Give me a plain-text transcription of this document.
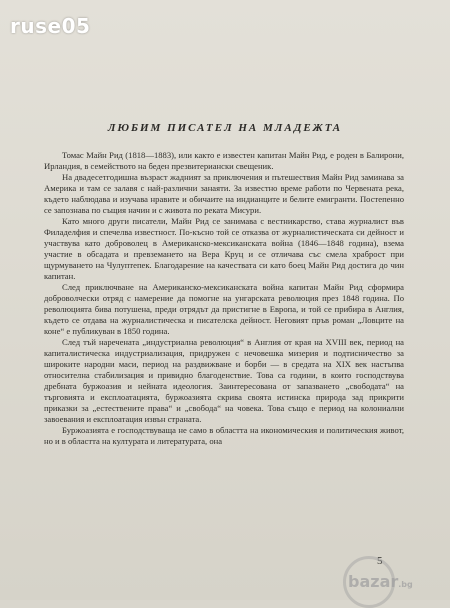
ruse05
ЛЮБИМ ПИСАТЕЛ НА МЛАДЕЖТА

Томас Майн Рид (1818—1883), или както е известен капитан Майн Рид, е роден в Балирони, Ирландия, в семейството на беден презвитериански свещеник.

На двадесетгодишна възраст жадният за приключения и пътешествия Майн Рид заминава за Америка и там се залавя с най-различни занаяти. За известно време работи по Червената река, където наблюдава и изучава нравите и обичаите на индианците и белите емигранти. Постепенно се запознава по същия начин и с живота по реката Мисури.

Като много други писатели, Майн Рид се занимава с вестникарство, става журналист във Филаделфия и спечелва известност. По-късно той се отказва от журналистическата си дейност и участвува като доброволец в Американско-мексиканската война (1846—1848 година), взема участие в обсадата и превземането на Вера Круц и се отличава със смела храброст при щурмуването на Чулуптепек. Благодарение на качествата си като боец Майн Рид достига до чин капитан.

След приключване на Американско-мексиканската война капитан Майн Рид сформира доброволчески отряд с намерение да помогне на унгарската революция през 1848 година. По революцията бива потушена, преди отрядът да пристигне в Европа, и той се прибира в Англия, където се отдава на журналистическа и писателска дейност. Неговият пръв роман „Ловците на коне“ е публикуван в 1850 година.

След тъй наречената „индустриална революция“ в Англия от края на XVIII век, период на капиталистическа индустриализация, придружен с нечовешка мизерия и подтисничество за широките народни маси, период на раздвижване и борби — в средата на XIX век настъпва относителна стабилизация и привидно благоденствие. Това са години, в които господствува дребната буржоазия и нейната идеология. Заинтересована от запазването „свободата“ на търговията и експлоатацията, буржоазията скрива своята истинска природа зад прикрити приказки за „естествените права“ и „свобода“ на човека. Това също е период на колониални завоевания и експлоатация извън страната.

Буржоазията е господствуваща не само в областта на икономическия и политическия живот, но и в областта на културата и литературата, она

5
bazar.bg
